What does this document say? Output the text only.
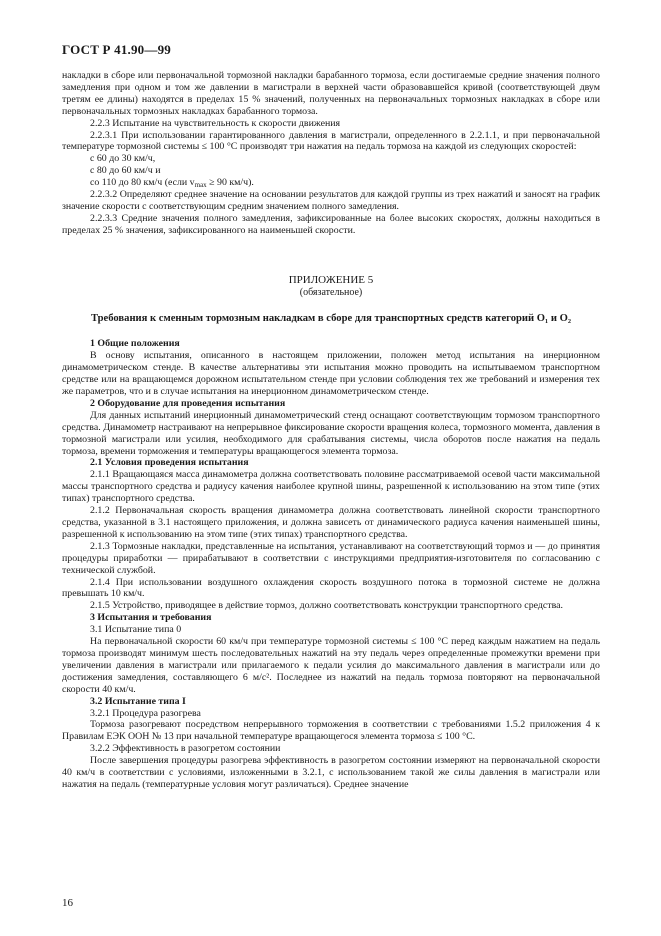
ГОСТ Р 41.90—99

накладки в сборе или первоначальной тормозной накладки барабанного тормоза, если достигаемые средние значения полного замедления при одном и том же давлении в магистрали в верхней части образовавшейся кривой (соответствующей двум третям ее длины) находятся в пределах 15 % значений, полученных на первоначальных тормозных накладках в сборе или первоначальных тормозных накладках барабанного тормоза.

2.2.3 Испытание на чувствительность к скорости движения

2.2.3.1 При использовании гарантированного давления в магистрали, определенного в 2.2.1.1, и при первоначальной температуре тормозной системы ≤ 100 °С производят три нажатия на педаль тормоза на каждой из следующих скоростей:

с 60 до 30 км/ч,

с 80 до 60 км/ч и

со 110 до 80 км/ч (если $v_{max} \ge 90$ км/ч).

2.2.3.2 Определяют среднее значение на основании результатов для каждой группы из трех нажатий и заносят на график значение скорости с соответствующим средним значением полного замедления.

2.2.3.3 Средние значения полного замедления, зафиксированные на более высоких скоростях, должны находиться в пределах 25 % значения, зафиксированного на наименьшей скорости.

ПРИЛОЖЕНИЕ 5

(обязательное)

Требования к сменным тормозным накладкам в сборе для транспортных средств категорий О₁ и О₂

1 Общие положения

В основу испытания, описанного в настоящем приложении, положен метод испытания на инерционном динамометрическом стенде. В качестве альтернативы эти испытания можно проводить на испытываемом транспортном средстве или на вращающемся дорожном испытательном стенде при условии соблюдения тех же требований и измерения тех же параметров, что и в случае испытания на инерционном динамометрическом стенде.

2 Оборудование для проведения испытания

Для данных испытаний инерционный динамометрический стенд оснащают соответствующим тормозом транспортного средства. Динамометр настраивают на непрерывное фиксирование скорости вращения колеса, тормозного момента, давления в тормозной магистрали или усилия, необходимого для срабатывания системы, числа оборотов после нажатия на педаль тормоза, времени торможения и температуры вращающегося элемента тормоза.

2.1 Условия проведения испытания

2.1.1 Вращающаяся масса динамометра должна соответствовать половине рассматриваемой осевой части максимальной массы транспортного средства и радиусу качения наиболее крупной шины, разрешенной к использованию на этом типе (этих типах) транспортного средства.

2.1.2 Первоначальная скорость вращения динамометра должна соответствовать линейной скорости транспортного средства, указанной в 3.1 настоящего приложения, и должна зависеть от динамического радиуса качения наименьшей шины, разрешенной к использованию на этом типе (этих типах) транспортного средства.

2.1.3 Тормозные накладки, представленные на испытания, устанавливают на соответствующий тормоз и — до принятия процедуры приработки — прирабатывают в соответствии с инструкциями предприятия-изготовителя по согласованию с технической службой.

2.1.4 При использовании воздушного охлаждения скорость воздушного потока в тормозной системе не должна превышать 10 км/ч.

2.1.5 Устройство, приводящее в действие тормоз, должно соответствовать конструкции транспортного средства.

3 Испытания и требования

3.1 Испытание типа 0

На первоначальной скорости 60 км/ч при температуре тормозной системы ≤ 100 °С перед каждым нажатием на педаль тормоза производят минимум шесть последовательных нажатий на эту педаль через определенные промежутки времени при увеличении давления в магистрали или прилагаемого к педали усилия до максимального давления в магистрали или до достижения замедления, составляющего 6 м/с². Последнее из нажатий на педаль тормоза повторяют на первоначальной скорости 40 км/ч.

3.2 Испытание типа I

3.2.1 Процедура разогрева

Тормоза разогревают посредством непрерывного торможения в соответствии с требованиями 1.5.2 приложения 4 к Правилам ЕЭК ООН № 13 при начальной температуре вращающегося элемента тормоза ≤ 100 °С.

3.2.2 Эффективность в разогретом состоянии

После завершения процедуры разогрева эффективность в разогретом состоянии измеряют на первоначальной скорости 40 км/ч в соответствии с условиями, изложенными в 3.2.1, с использованием такой же силы давления в магистрали или нажатия на педаль (температурные условия могут различаться). Среднее значение

16
